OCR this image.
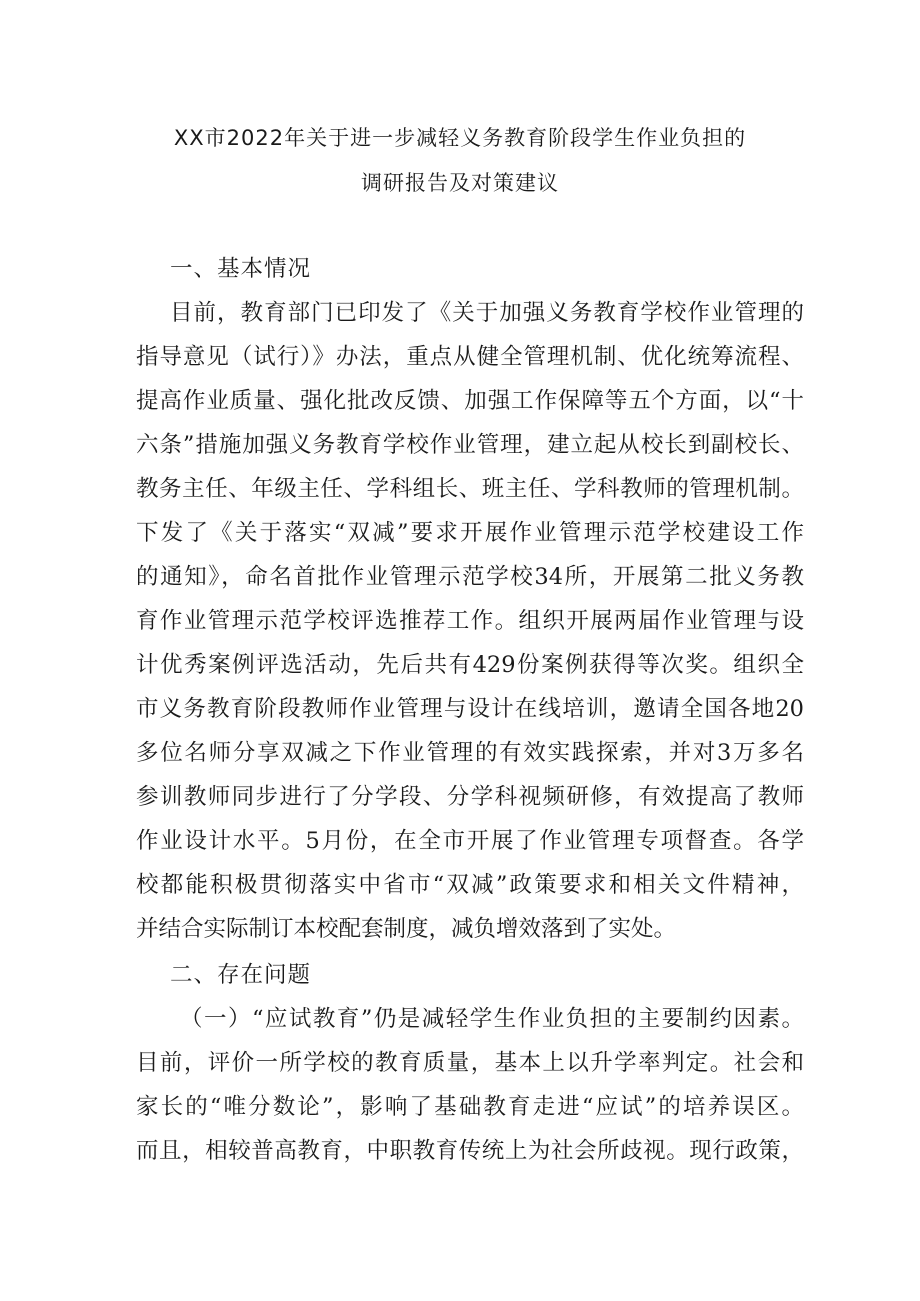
XX市2022年关于进一步减轻义务教育阶段学生作业负担的
调研报告及对策建议
一、基本情况
目前，教育部门已印发了《关于加强义务教育学校作业管理的
指导意见（试行）》办法，重点从健全管理机制、优化统筹流程、
提高作业质量、强化批改反馈、加强工作保障等五个方面，以“十
六条”措施加强义务教育学校作业管理，建立起从校长到副校长、
教务主任、年级主任、学科组长、班主任、学科教师的管理机制。
下发了《关于落实“双减”要求开展作业管理示范学校建设工作
的通知》，命名首批作业管理示范学校34所，开展第二批义务教
育作业管理示范学校评选推荐工作。组织开展两届作业管理与设
计优秀案例评选活动，先后共有429份案例获得等次奖。组织全
市义务教育阶段教师作业管理与设计在线培训，邀请全国各地20
多位名师分享双减之下作业管理的有效实践探索，并对3万多名
参训教师同步进行了分学段、分学科视频研修，有效提高了教师
作业设计水平。5月份，在全市开展了作业管理专项督查。各学
校都能积极贯彻落实中省市“双减”政策要求和相关文件精神，
并结合实际制订本校配套制度，减负增效落到了实处。
二、存在问题
（一）“应试教育”仍是减轻学生作业负担的主要制约因素。
目前，评价一所学校的教育质量，基本上以升学率判定。社会和
家长的“唯分数论”，影响了基础教育走进“应试”的培养误区。
而且，相较普高教育，中职教育传统上为社会所歧视。现行政策，
